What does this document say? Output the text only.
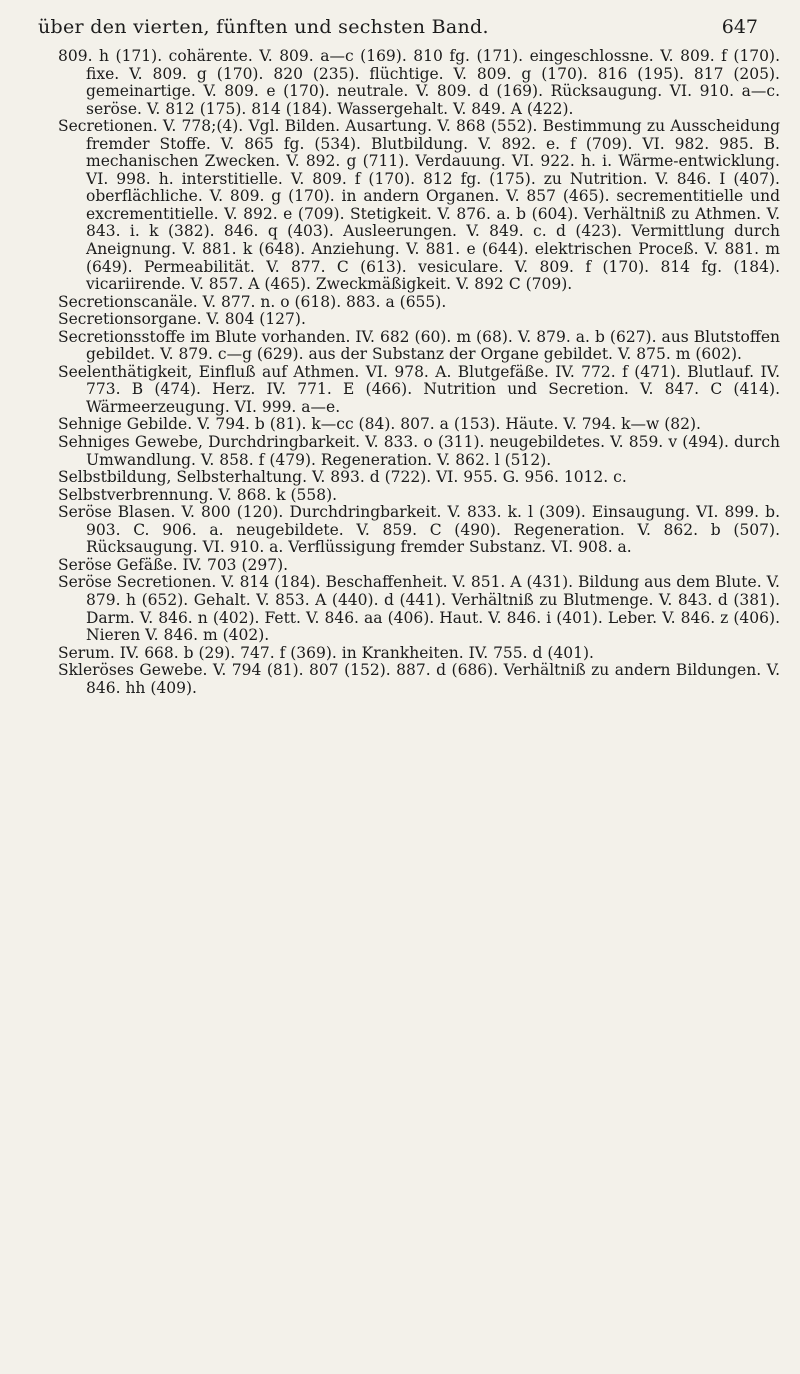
über den vierten, fünften und sechsten Band.	647

809. h (171). cohärente. V. 809. a—c (169). 810 fg. (171). eingeschlossne. V. 809. f (170). fixe. V. 809. g (170). 820 (235). flüchtige. V. 809. g (170). 816 (195). 817 (205). gemeinartige. V. 809. e (170). neutrale. V. 809. d (169). Rücksaugung. VI. 910. a—c. seröse. V. 812 (175). 814 (184). Wassergehalt. V. 849. A (422).

Secretionen. V. 778;(4). Vgl. Bilden. Ausartung. V. 868 (552). Bestimmung zu Ausscheidung fremder Stoffe. V. 865 fg. (534). Blutbildung. V. 892. e. f (709). VI. 982. 985. B. mechanischen Zwecken. V. 892. g (711). Verdauung. VI. 922. h. i. Wärme-entwicklung. VI. 998. h. interstitielle. V. 809. f (170). 812 fg. (175). zu Nutrition. V. 846. I (407). oberflächliche. V. 809. g (170). in andern Organen. V. 857 (465). secrementitielle und excrementitielle. V. 892. e (709). Stetigkeit. V. 876. a. b (604). Verhältniß zu Athmen. V. 843. i. k (382). 846. q (403). Ausleerungen. V. 849. c. d (423). Vermittlung durch Aneignung. V. 881. k (648). Anziehung. V. 881. e (644). elektrischen Proceß. V. 881. m (649). Permeabilität. V. 877. C (613). vesiculare. V. 809. f (170). 814 fg. (184). vicariirende. V. 857. A (465). Zweckmäßigkeit. V. 892 C (709).

Secretionscanäle. V. 877. n. o (618). 883. a (655).

Secretionsorgane. V. 804 (127).

Secretionsstoffe im Blute vorhanden. IV. 682 (60). m (68). V. 879. a. b (627). aus Blutstoffen gebildet. V. 879. c—g (629). aus der Substanz der Organe gebildet. V. 875. m (602).

Seelenthätigkeit, Einfluß auf Athmen. VI. 978. A. Blutgefäße. IV. 772. f (471). Blutlauf. IV. 773. B (474). Herz. IV. 771. E (466). Nutrition und Secretion. V. 847. C (414). Wärmeerzeugung. VI. 999. a—e.

Sehnige Gebilde. V. 794. b (81). k—cc (84). 807. a (153). Häute. V. 794. k—w (82).

Sehniges Gewebe, Durchdringbarkeit. V. 833. o (311). neugebildetes. V. 859. v (494). durch Umwandlung. V. 858. f (479). Regeneration. V. 862. l (512).

Selbstbildung, Selbsterhaltung. V. 893. d (722). VI. 955. G. 956. 1012. c.

Selbstverbrennung. V. 868. k (558).

Seröse Blasen. V. 800 (120). Durchdringbarkeit. V. 833. k. l (309). Einsaugung. VI. 899. b. 903. C. 906. a. neugebildete. V. 859. C (490). Regeneration. V. 862. b (507). Rücksaugung. VI. 910. a. Verflüssigung fremder Substanz. VI. 908. a.

Seröse Gefäße. IV. 703 (297).

Seröse Secretionen. V. 814 (184). Beschaffenheit. V. 851. A (431). Bildung aus dem Blute. V. 879. h (652). Gehalt. V. 853. A (440). d (441). Verhältniß zu Blutmenge. V. 843. d (381). Darm. V. 846. n (402). Fett. V. 846. aa (406). Haut. V. 846. i (401). Leber. V. 846. z (406). Nieren V. 846. m (402).

Serum. IV. 668. b (29). 747. f (369). in Krankheiten. IV. 755. d (401).

Skleröses Gewebe. V. 794 (81). 807 (152). 887. d (686). Verhältniß zu andern Bildungen. V. 846. hh (409).
